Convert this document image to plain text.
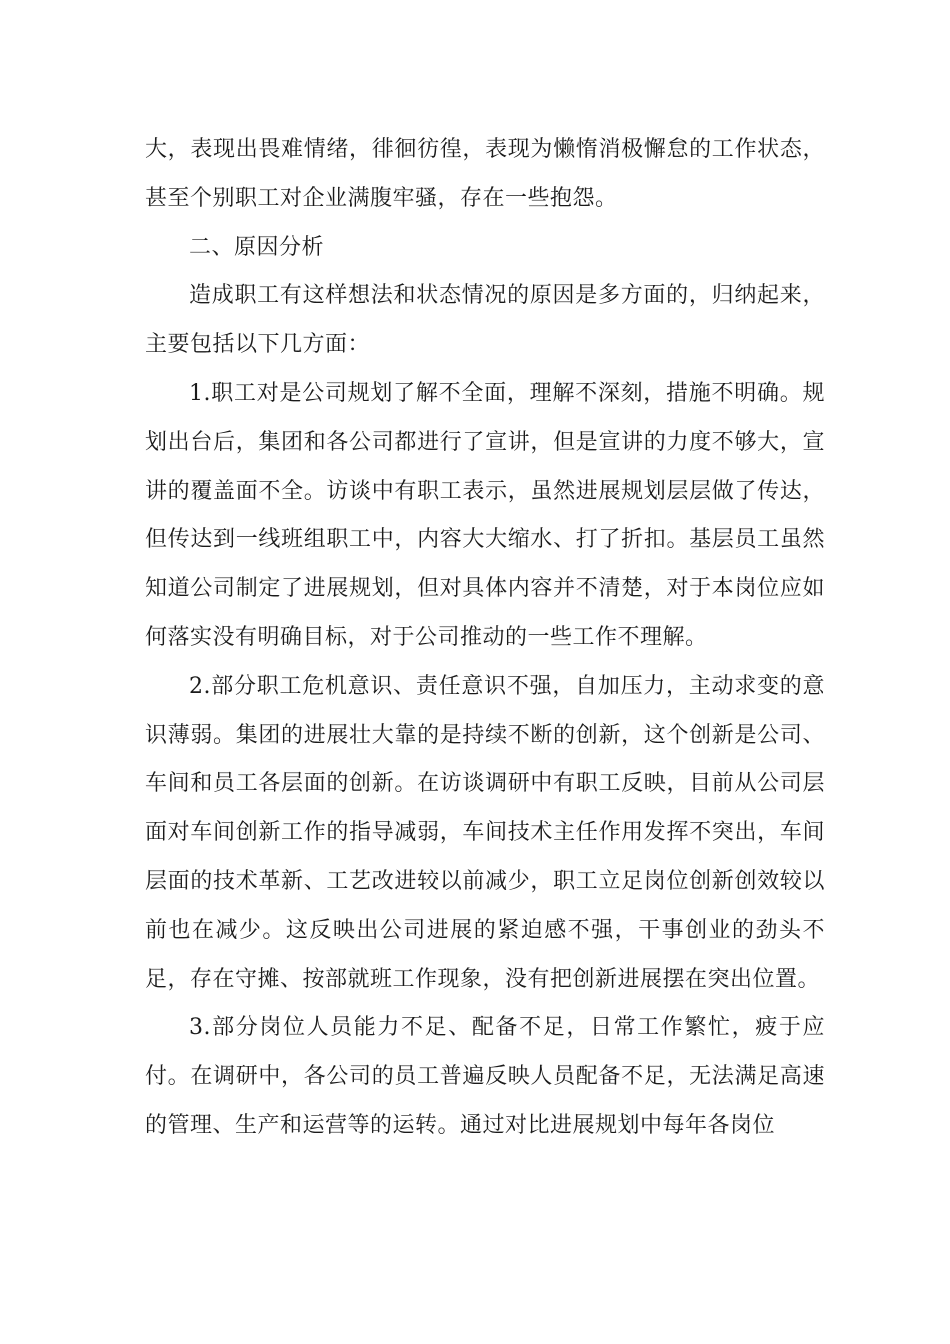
大，表现出畏难情绪，徘徊彷徨，表现为懒惰消极懈怠的工作状态，甚至个别职工对企业满腹牢骚，存在一些抱怨。

二、原因分析

造成职工有这样想法和状态情况的原因是多方面的，归纳起来，主要包括以下几方面：

1.职工对是公司规划了解不全面，理解不深刻，措施不明确。规划出台后，集团和各公司都进行了宣讲，但是宣讲的力度不够大，宣讲的覆盖面不全。访谈中有职工表示，虽然进展规划层层做了传达，但传达到一线班组职工中，内容大大缩水、打了折扣。基层员工虽然知道公司制定了进展规划，但对具体内容并不清楚，对于本岗位应如何落实没有明确目标，对于公司推动的一些工作不理解。

2.部分职工危机意识、责任意识不强，自加压力，主动求变的意识薄弱。集团的进展壮大靠的是持续不断的创新，这个创新是公司、车间和员工各层面的创新。在访谈调研中有职工反映，目前从公司层面对车间创新工作的指导减弱，车间技术主任作用发挥不突出，车间层面的技术革新、工艺改进较以前减少，职工立足岗位创新创效较以前也在减少。这反映出公司进展的紧迫感不强，干事创业的劲头不足，存在守摊、按部就班工作现象，没有把创新进展摆在突出位置。

3.部分岗位人员能力不足、配备不足，日常工作繁忙，疲于应付。在调研中，各公司的员工普遍反映人员配备不足，无法满足高速的管理、生产和运营等的运转。通过对比进展规划中每年各岗位
